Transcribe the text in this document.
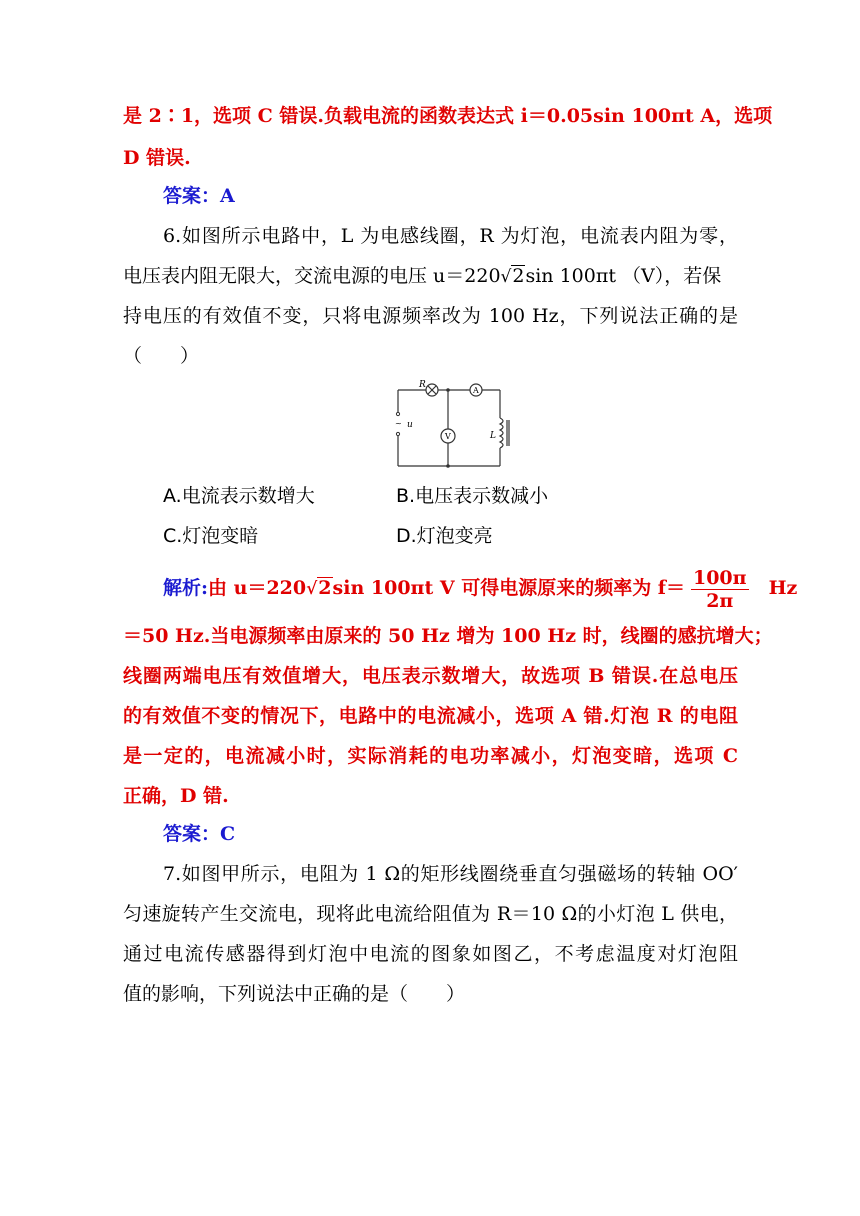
是 2∶1，选项 C 错误.负载电流的函数表达式 i＝0.05sin 100πt A，选项
D 错误.
答案：A
6.如图所示电路中，L 为电感线圈，R 为灯泡，电流表内阻为零，
电压表内阻无限大，交流电源的电压 u＝220√2sin 100πt （V），若保
持电压的有效值不变，只将电源频率改为 100 Hz，下列说法正确的是
（　　）
R
A
V	L
u
~
A.电流表示数增大	B.电压表示数减小
C.灯泡变暗	D.灯泡变亮
解析:由 u＝220√2sin 100πt V 可得电源原来的频率为 $f= \frac{100\pi}{2\pi}$ Hz
＝50 Hz.当电源频率由原来的 50 Hz 增为 100 Hz 时，线圈的感抗增大；
线圈两端电压有效值增大，电压表示数增大，故选项 B 错误.在总电压
的有效值不变的情况下，电路中的电流减小，选项 A 错.灯泡 R 的电阻
是一定的，电流减小时，实际消耗的电功率减小，灯泡变暗，选项 C
正确，D 错.
答案：C
7.如图甲所示，电阻为 1 Ω的矩形线圈绕垂直匀强磁场的转轴 OO′
匀速旋转产生交流电，现将此电流给阻值为 R＝10 Ω的小灯泡 L 供电，
通过电流传感器得到灯泡中电流的图象如图乙，不考虑温度对灯泡阻
值的影响，下列说法中正确的是（　　）
